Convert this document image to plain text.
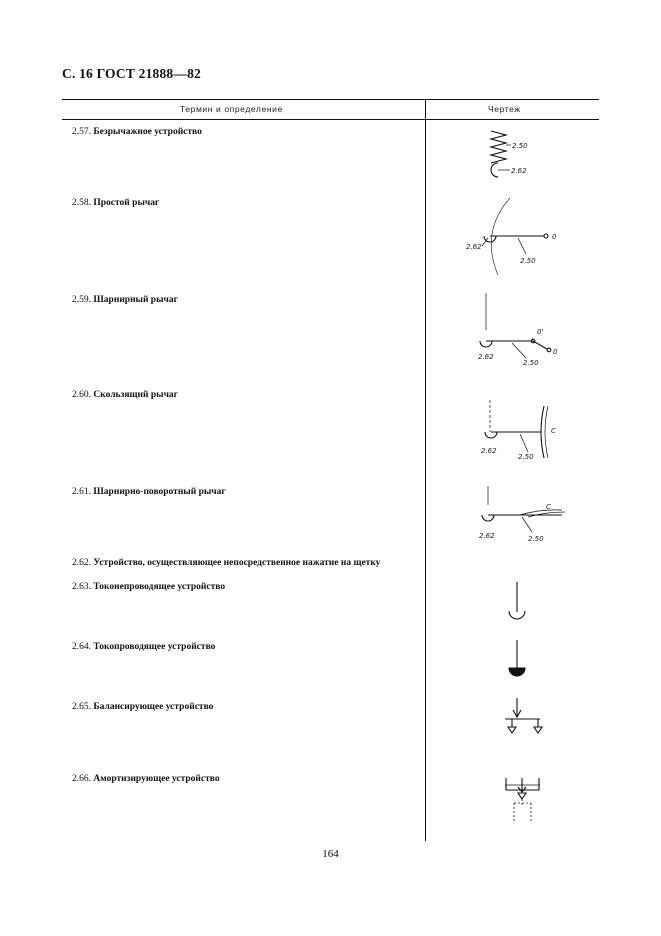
С. 16 ГОСТ 21888—82
Термин и определение	Чертеж
2.57. Безрычажное устройство
2.58. Простой рычаг
2.59. Шарнирный рычаг
2.60. Скользящий рычаг
2.61. Шарнирно-поворотный рычаг
2.62. Устройство, осуществляющее непосредственное нажатие на щетку
2.63. Токонепроводящее устройство
2.64. Токопроводящее устройство
2.65. Балансирующее устройство
2.66. Амортизирующее устройство
2.50
2.62
2.62
0
2.50
0'
2.62
0
2.50
C
2.62
2.50
C
2.62	2.50
164
